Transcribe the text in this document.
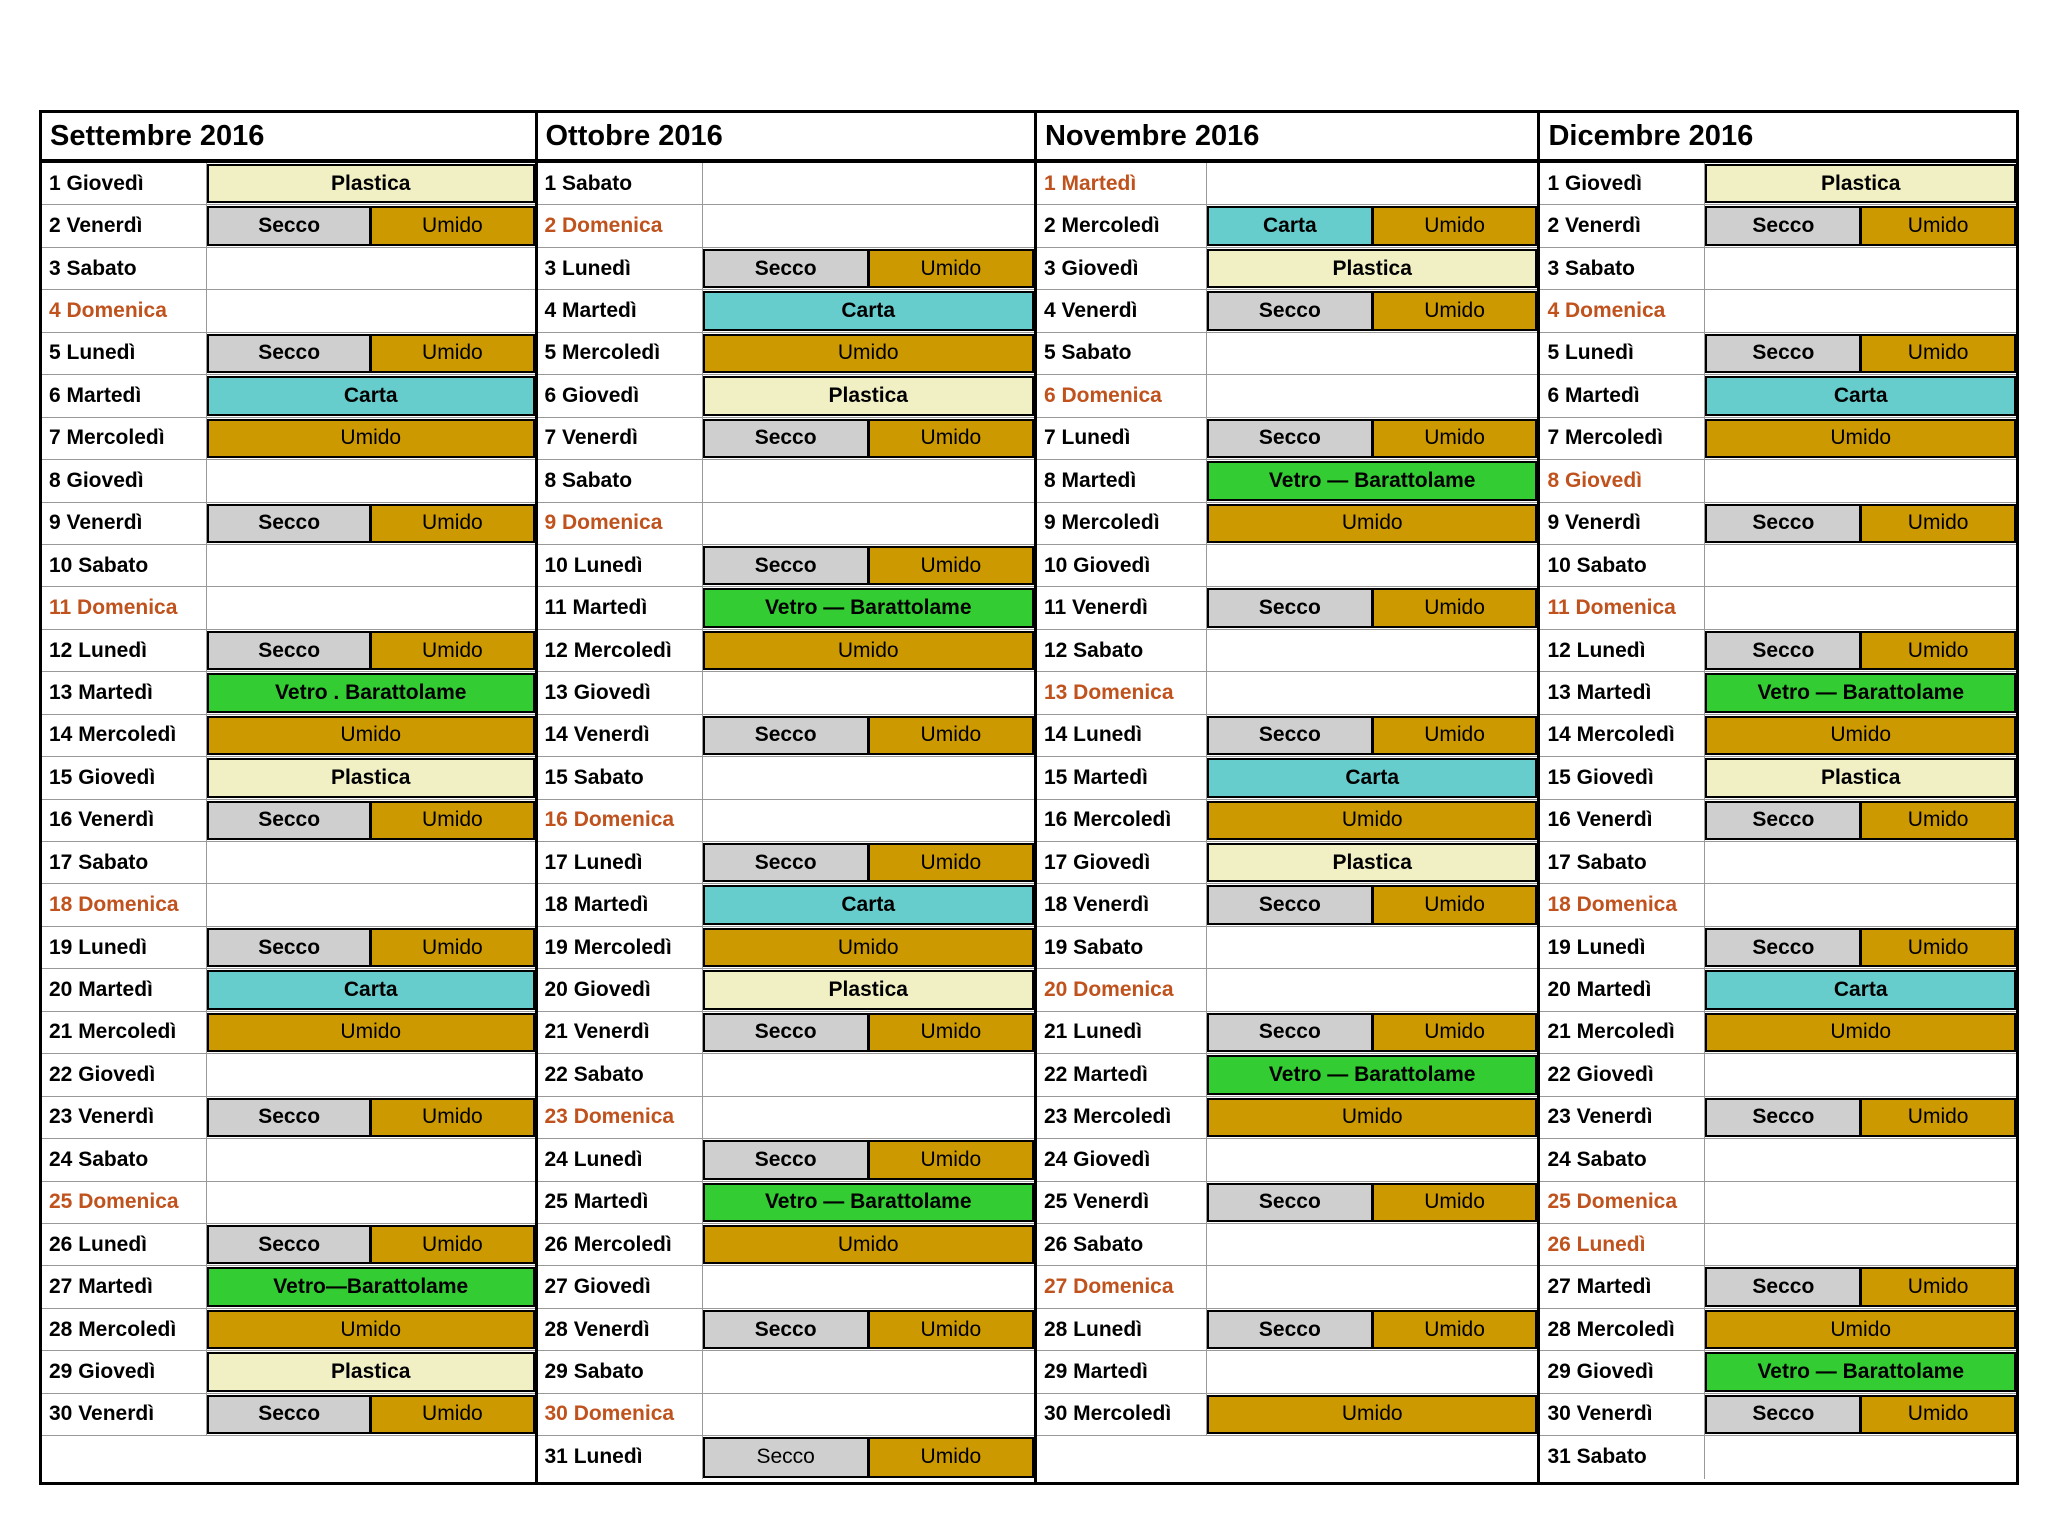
Settembre 2016
1 Giovedì	Plastica
2 Venerdì	Secco	Umido
3 Sabato
4 Domenica
5 Lunedì	Secco	Umido
6 Martedì	Carta
7 Mercoledì	Umido
8 Giovedì
9 Venerdì	Secco	Umido
10 Sabato
11 Domenica
12 Lunedì	Secco	Umido
13 Martedì	Vetro . Barattolame
14 Mercoledì	Umido
15 Giovedì	Plastica
16 Venerdì	Secco	Umido
17 Sabato
18 Domenica
19 Lunedì	Secco	Umido
20 Martedì	Carta
21 Mercoledì	Umido
22 Giovedì
23 Venerdì	Secco	Umido
24 Sabato
25 Domenica
26 Lunedì	Secco	Umido
27 Martedì	Vetro—Barattolame
28 Mercoledì	Umido
29 Giovedì	Plastica
30 Venerdì	Secco	Umido
Ottobre 2016
1 Sabato
2 Domenica
3 Lunedì	Secco	Umido
4 Martedì	Carta
5 Mercoledì	Umido
6 Giovedì	Plastica
7 Venerdì	Secco	Umido
8 Sabato
9 Domenica
10 Lunedì	Secco	Umido
11 Martedì	Vetro — Barattolame
12 Mercoledì	Umido
13 Giovedì
14 Venerdì	Secco	Umido
15 Sabato
16 Domenica
17 Lunedì	Secco	Umido
18 Martedì	Carta
19 Mercoledì	Umido
20 Giovedì	Plastica
21 Venerdì	Secco	Umido
22 Sabato
23 Domenica
24 Lunedì	Secco	Umido
25 Martedì	Vetro — Barattolame
26 Mercoledì	Umido
27 Giovedì
28 Venerdì	Secco	Umido
29 Sabato
30 Domenica
31 Lunedì	Secco	Umido
Novembre 2016
1 Martedì
2 Mercoledì	Carta	Umido
3 Giovedì	Plastica
4 Venerdì	Secco	Umido
5 Sabato
6 Domenica
7 Lunedì	Secco	Umido
8 Martedì	Vetro — Barattolame
9 Mercoledì	Umido
10 Giovedì
11 Venerdì	Secco	Umido
12 Sabato
13 Domenica
14 Lunedì	Secco	Umido
15 Martedì	Carta
16 Mercoledì	Umido
17 Giovedì	Plastica
18 Venerdì	Secco	Umido
19 Sabato
20 Domenica
21 Lunedì	Secco	Umido
22 Martedì	Vetro — Barattolame
23 Mercoledì	Umido
24 Giovedì
25 Venerdì	Secco	Umido
26 Sabato
27 Domenica
28 Lunedì	Secco	Umido
29 Martedì
30 Mercoledì	Umido
Dicembre 2016
1 Giovedì	Plastica
2 Venerdì	Secco	Umido
3 Sabato
4 Domenica
5 Lunedì	Secco	Umido
6 Martedì	Carta
7 Mercoledì	Umido
8 Giovedì
9 Venerdì	Secco	Umido
10 Sabato
11 Domenica
12 Lunedì	Secco	Umido
13 Martedì	Vetro — Barattolame
14 Mercoledì	Umido
15 Giovedì	Plastica
16 Venerdì	Secco	Umido
17 Sabato
18 Domenica
19 Lunedì	Secco	Umido
20 Martedì	Carta
21 Mercoledì	Umido
22 Giovedì
23 Venerdì	Secco	Umido
24 Sabato
25 Domenica
26 Lunedì
27 Martedì	Secco	Umido
28 Mercoledì	Umido
29 Giovedì	Vetro — Barattolame
30 Venerdì	Secco	Umido
31 Sabato
